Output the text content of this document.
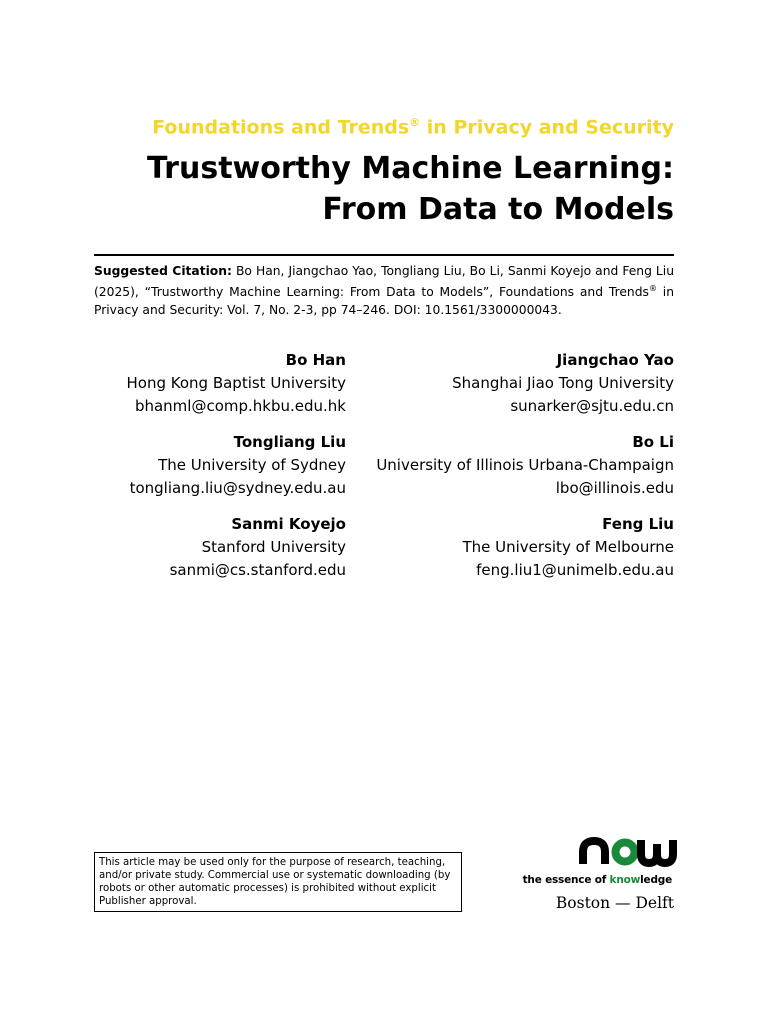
Foundations and Trends® in Privacy and Security
Trustworthy Machine Learning:
From Data to Models
Suggested Citation: Bo Han, Jiangchao Yao, Tongliang Liu, Bo Li, Sanmi Koyejo and Feng Liu (2025), “Trustworthy Machine Learning: From Data to Models”, Foundations and Trends® in Privacy and Security: Vol. 7, No. 2-3, pp 74–246. DOI: 10.1561/3300000043.
Bo Han
Hong Kong Baptist University
bhanml@comp.hkbu.edu.hk
Jiangchao Yao
Shanghai Jiao Tong University
sunarker@sjtu.edu.cn
Tongliang Liu
The University of Sydney
tongliang.liu@sydney.edu.au
Bo Li
University of Illinois Urbana-Champaign
lbo@illinois.edu
Sanmi Koyejo
Stanford University
sanmi@cs.stanford.edu
Feng Liu
The University of Melbourne
feng.liu1@unimelb.edu.au
This article may be used only for the purpose of research, teaching, and/or private study. Commercial use or systematic downloading (by robots or other automatic processes) is prohibited without explicit Publisher approval.
the essence of knowledge
Boston — Delft
